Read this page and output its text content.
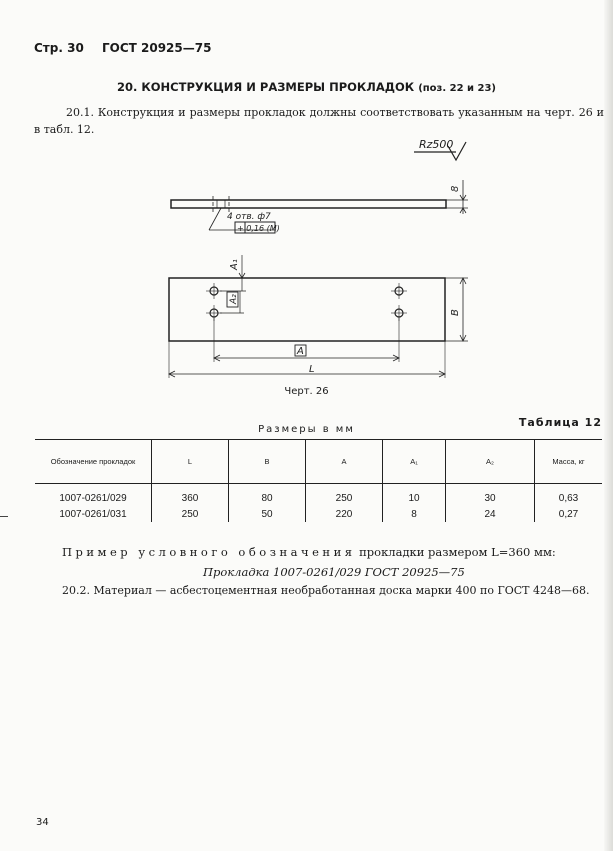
Стр. 30 ГОСТ 20925—75
20. КОНСТРУКЦИЯ И РАЗМЕРЫ ПРОКЛАДОК (поз. 22 и 23)
20.1. Конструкция и размеры прокладок должны соответствовать указанным на черт. 26 и в табл. 12.
Rz500
8
4 отв. ф7
+ 0,16 (M)
A₁
A₂
B
A
L
Черт. 26
Таблица 12
Размеры в мм
Обозначение прокладок	L	B	A	A₁	A₂	Масса, кг
1007-0261/029	360	80	250	10	30	0,63
1007-0261/031	250	50	220	8	24	0,27
Пример условного обозначения прокладки размером L=360 мм:
Прокладка 1007-0261/029 ГОСТ 20925—75
20.2. Материал — асбестоцементная необработанная доска марки 400 по ГОСТ 4248—68.
34
